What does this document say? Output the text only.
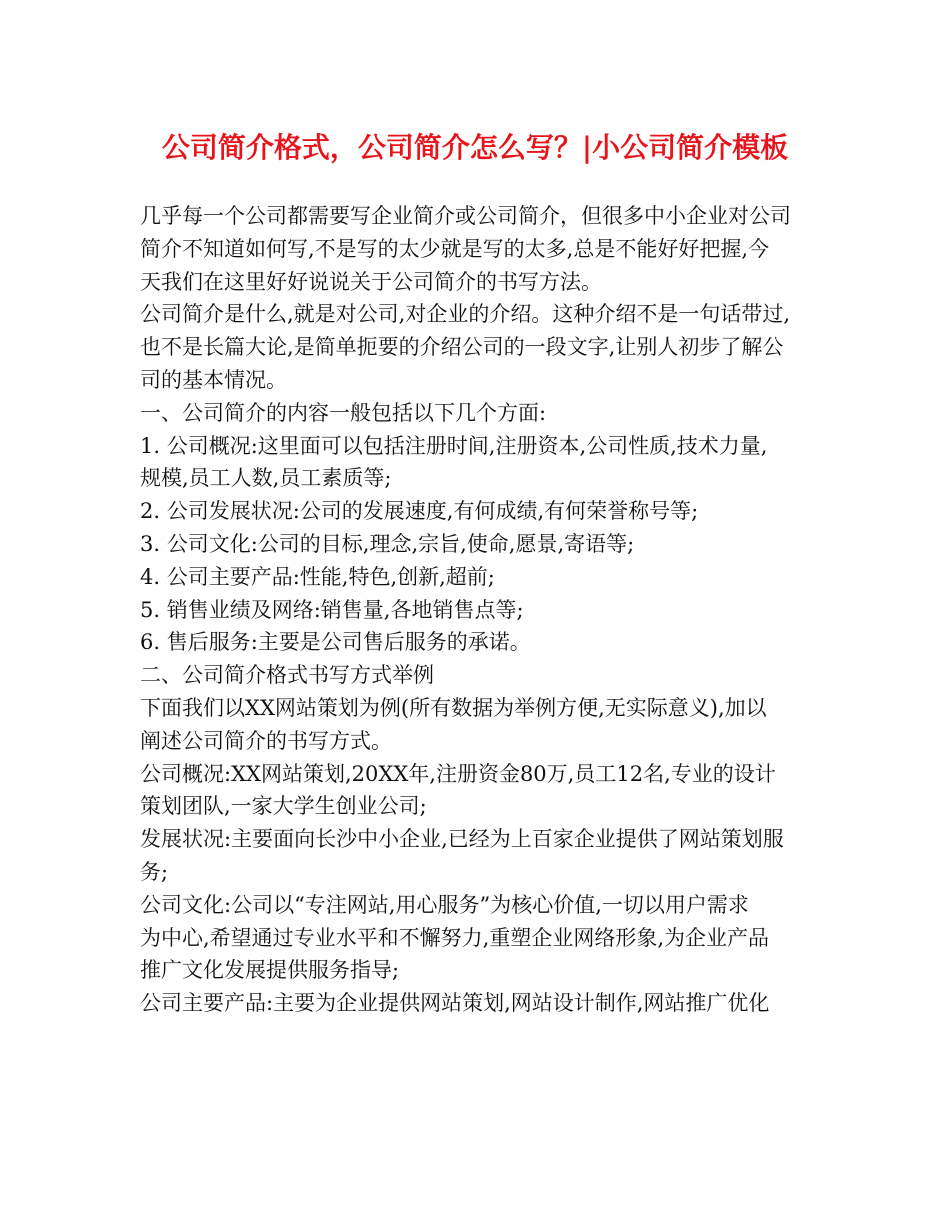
公司简介格式，公司简介怎么写？|小公司简介模板
几乎每一个公司都需要写企业简介或公司简介，但很多中小企业对公司
简介不知道如何写,不是写的太少就是写的太多,总是不能好好把握,今
天我们在这里好好说说关于公司简介的书写方法。
公司简介是什么,就是对公司,对企业的介绍。这种介绍不是一句话带过,
也不是长篇大论,是简单扼要的介绍公司的一段文字,让别人初步了解公
司的基本情况。
一、公司简介的内容一般包括以下几个方面:
1. 公司概况:这里面可以包括注册时间,注册资本,公司性质,技术力量,
规模,员工人数,员工素质等;
2. 公司发展状况:公司的发展速度,有何成绩,有何荣誉称号等;
3. 公司文化:公司的目标,理念,宗旨,使命,愿景,寄语等;
4. 公司主要产品:性能,特色,创新,超前;
5. 销售业绩及网络:销售量,各地销售点等;
6. 售后服务:主要是公司售后服务的承诺。
二、公司简介格式书写方式举例
下面我们以XX网站策划为例(所有数据为举例方便,无实际意义),加以
阐述公司简介的书写方式。
公司概况:XX网站策划,20XX年,注册资金80万,员工12名,专业的设计
策划团队,一家大学生创业公司;
发展状况:主要面向长沙中小企业,已经为上百家企业提供了网站策划服
务;
公司文化:公司以“专注网站,用心服务”为核心价值,一切以用户需求
为中心,希望通过专业水平和不懈努力,重塑企业网络形象,为企业产品
推广文化发展提供服务指导;
公司主要产品:主要为企业提供网站策划,网站设计制作,网站推广优化
